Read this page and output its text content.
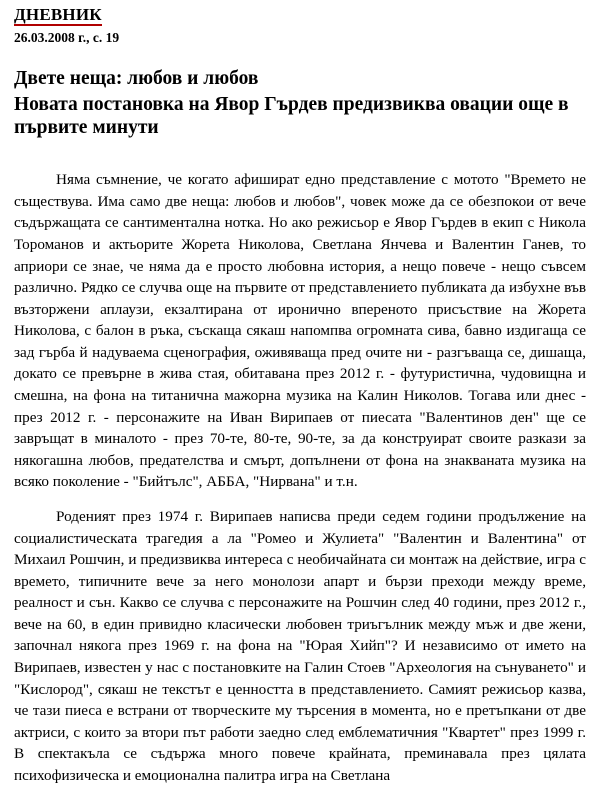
ДНЕВНИК
26.03.2008 г., с. 19
Двете неща: любов и любов
Новата постановка на Явор Гърдев предизвиква овации още в първите минути

Няма съмнение, че когато афишират едно представление с мотото "Времето не съществува. Има само две неща: любов и любов", човек може да се обезпокои от вече съдържащата се сантиментална нотка. Но ако режисьор е Явор Гърдев в екип с Никола Тороманов и актьорите Жорета Николова, Светлана Янчева и Валентин Ганев, то априори се знае, че няма да е просто любовна история, а нещо повече - нещо съвсем различно. Рядко се случва още на първите от представлението публиката да избухне във възторжени аплаузи, екзалтирана от иронично впереното присъствие на Жорета Николова, с балон в ръка, съскаща сякаш напомпва огромната сива, бавно издигаща се зад гърба й надуваема сценография, оживяваща пред очите ни - разгъваща се, дишаща, докато се превърне в жива стая, обитавана през 2012 г. - футуристична, чудовищна и смешна, на фона на титанична мажорна музика на Калин Николов. Тогава или днес - през 2012 г. - персонажите на Иван Вирипаев от пиесата "Валентинов ден" ще се завръщат в миналото - през 70-те, 80-те, 90-те, за да конструират своите разкази за някогашна любов, предателства и смърт, допълнени от фона на знакваната музика на всяко поколение - "Бийтълс", АББА, "Нирвана" и т.н.

Роденият през 1974 г. Вирипаев написва преди седем години продължение на социалистическата трагедия а ла "Ромео и Жулиета" "Валентин и Валентина" от Михаил Рошчин, и предизвиква интереса с необичайната си монтаж на действие, игра с времето, типичните вече за него монолози апарт и бързи преходи между време, реалност и сън. Какво се случва с персонажите на Рошчин след 40 години, през 2012 г., вече на 60, в един привидно класически любовен триъгълник между мъж и две жени, започнал някога през 1969 г. на фона на "Юрая Хийп"? И независимо от името на Вирипаев, известен у нас с постановките на Галин Стоев "Археология на сънуването" и "Кислород", сякаш не текстът е ценността в представлението. Самият режисьор казва, че тази пиеса е встрани от творческите му търсения в момента, но е претъпкани от две актриси, с които за втори път работи заедно след емблематичния "Квартет" през 1999 г. В спектакъла се съдържа много повече крайната, преминавала през цялата психофизическа и емоционална палитра игра на Светлана
